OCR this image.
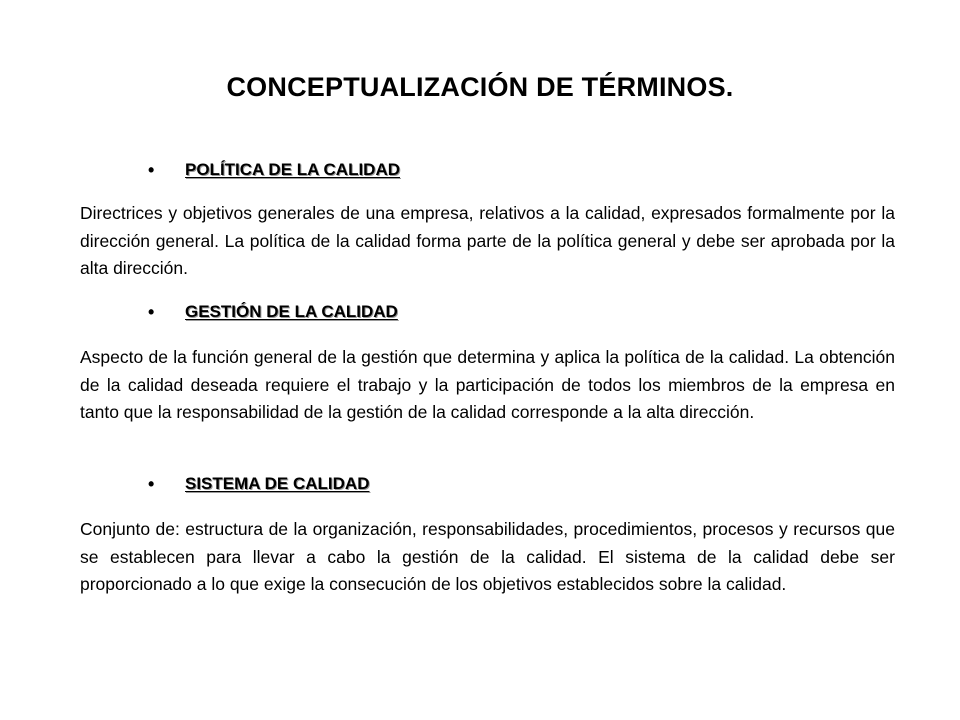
CONCEPTUALIZACIÓN DE TÉRMINOS.
• POLÍTICA DE LA CALIDAD

Directrices y objetivos generales de una empresa, relativos a la calidad, expresados formalmente por la dirección general. La política de la calidad forma parte de la política general y debe ser aprobada por la alta dirección.

• GESTIÓN DE LA CALIDAD

Aspecto de la función general de la gestión que determina y aplica la política de la calidad. La obtención de la calidad deseada requiere el trabajo y la participación de todos los miembros de la empresa en tanto que la responsabilidad de la gestión de la calidad corresponde a la alta dirección.

• SISTEMA DE CALIDAD

Conjunto de: estructura de la organización, responsabilidades, procedimientos, procesos y recursos que se establecen para llevar a cabo la gestión de la calidad. El sistema de la calidad debe ser proporcionado a lo que exige la consecución de los objetivos establecidos sobre la calidad.
